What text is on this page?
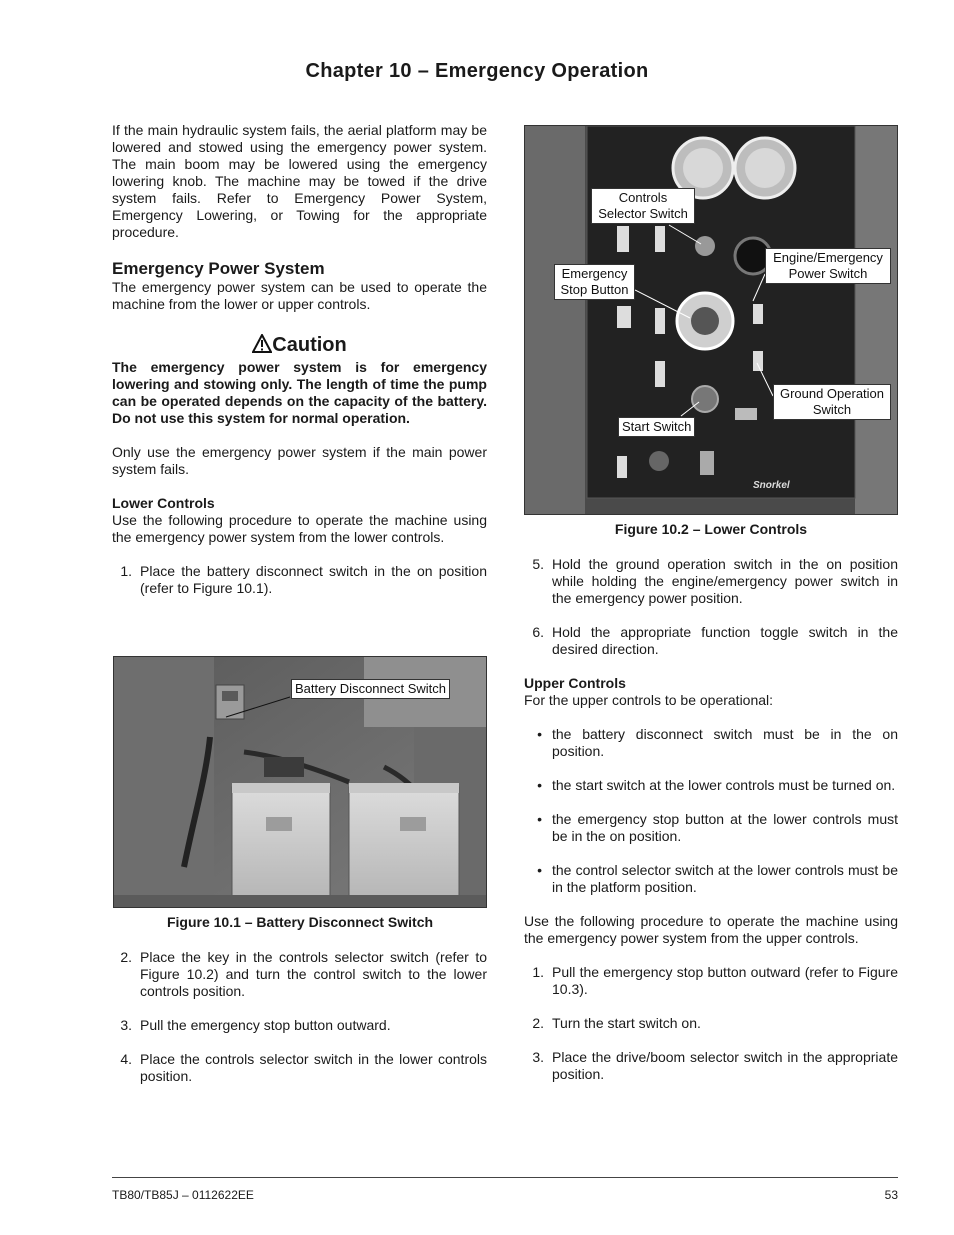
Chapter 10 – Emergency Operation

If the main hydraulic system fails, the aerial platform may be lowered and stowed using the emergency power system. The main boom may be lowered using the emergency lowering knob. The machine may be towed if the drive system fails. Refer to Emergency Power System, Emergency Lowering, or Towing for the appropriate procedure.

Emergency Power System

The emergency power system can be used to operate the machine from the lower or upper controls.

Caution

The emergency power system is for emergency lowering and stowing only. The length of time the pump can be operated depends on the capacity of the battery. Do not use this system for normal operation.

Only use the emergency power system if the main power system fails.

Lower Controls

Use the following procedure to operate the machine using the emergency power system from the lower controls.

1. Place the battery disconnect switch in the on position (refer to Figure 10.1).
Battery Disconnect Switch
Figure 10.1 – Battery Disconnect Switch
2. Place the key in the controls selector switch (refer to Figure 10.2) and turn the control switch to the lower controls position.
3. Pull the emergency stop button outward.
4. Place the controls selector switch in the lower controls position.
Snorkel
Controls Selector Switch
Emergency Stop Button
Engine/Emergency Power Switch
Ground Operation Switch
Start Switch
Figure 10.2 – Lower Controls
5. Hold the ground operation switch in the on position while holding the engine/emergency power switch in the emergency power position.
6. Hold the appropriate function toggle switch in the desired direction.
Upper Controls

For the upper controls to be operational:

• the battery disconnect switch must be in the on position.
• the start switch at the lower controls must be turned on.
• the emergency stop button at the lower controls must be in the on position.
• the control selector switch at the lower controls must be in the platform position.

Use the following procedure to operate the machine using the emergency power system from the upper controls.

1. Pull the emergency stop button outward (refer to Figure 10.3).
2. Turn the start switch on.
3. Place the drive/boom selector switch in the appropriate position.
TB80/TB85J – 0112622EE	53
